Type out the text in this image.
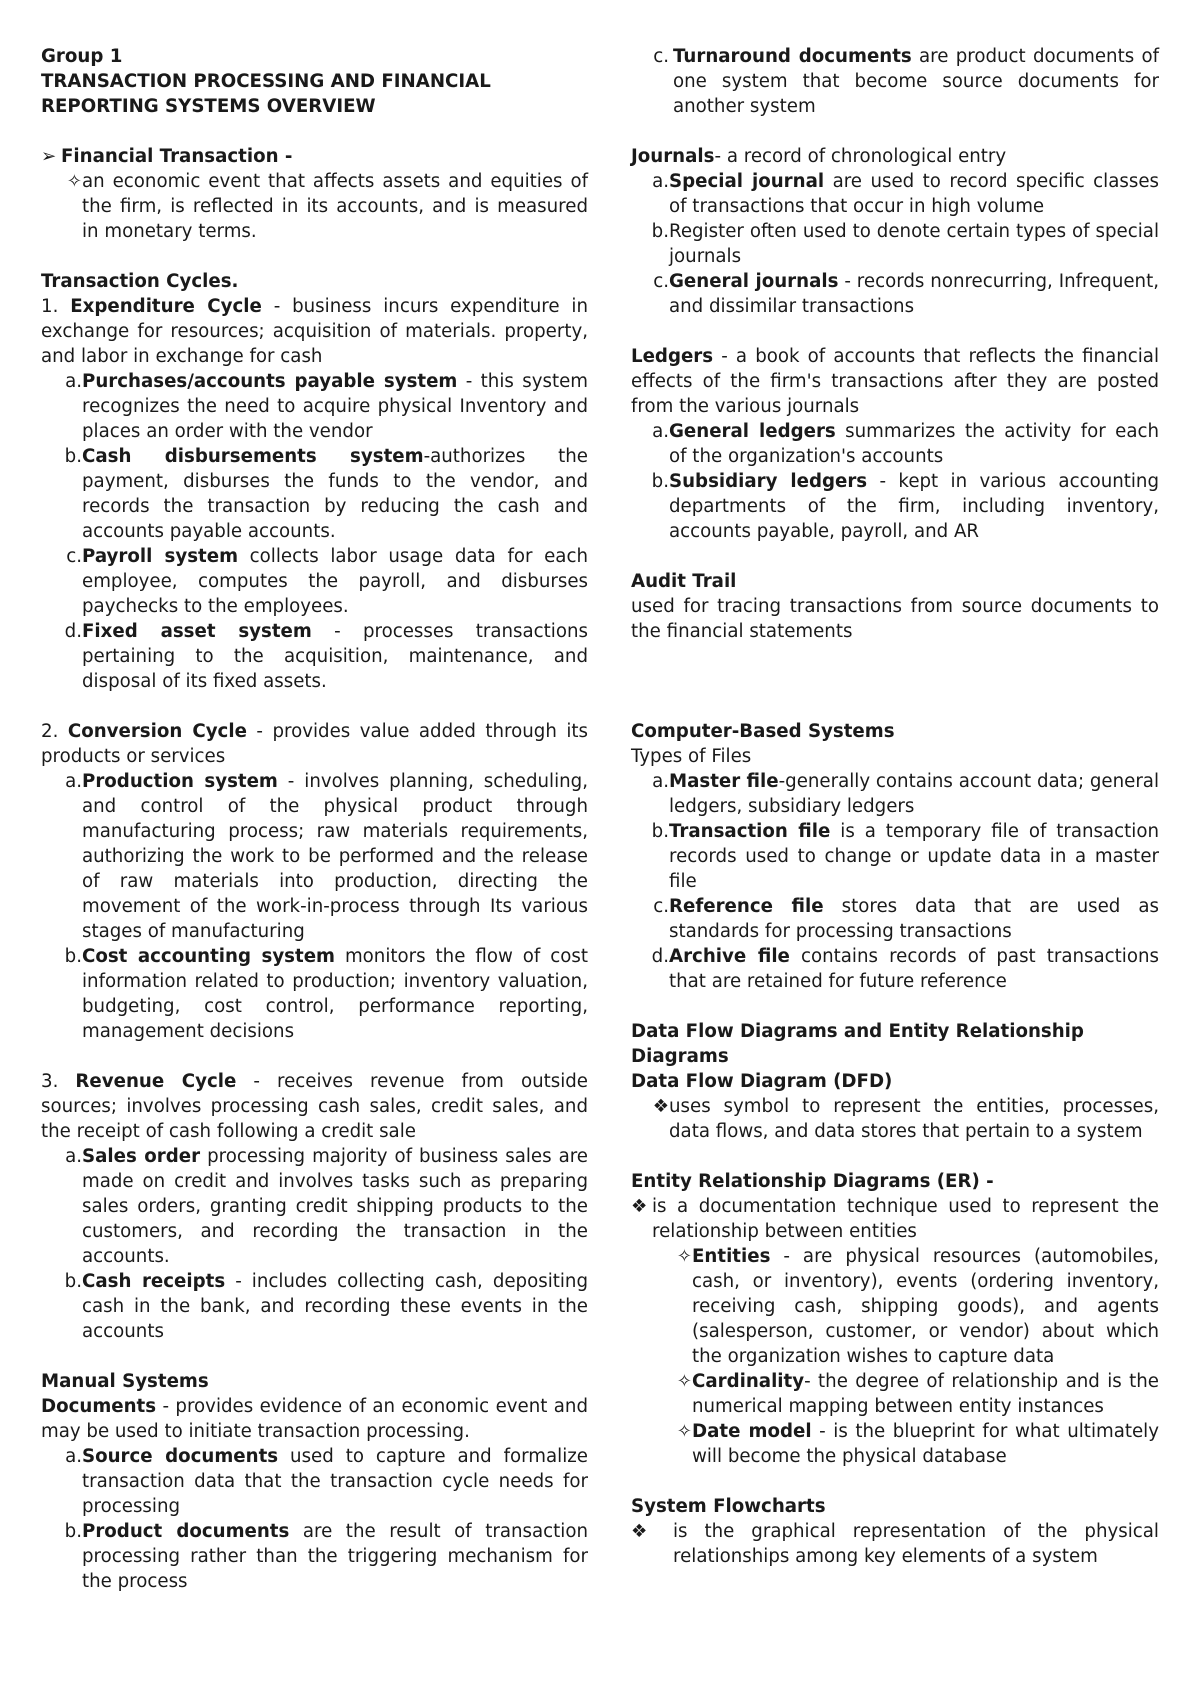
Group 1

TRANSACTION PROCESSING AND FINANCIAL REPORTING SYSTEMS OVERVIEW

➢ Financial Transaction -
✧ an economic event that affects assets and equities of the firm, is reflected in its accounts, and is measured in monetary terms.

Transaction Cycles.

1. Expenditure Cycle - business incurs expenditure in exchange for resources; acquisition of materials. property, and labor in exchange for cash

a. Purchases/accounts payable system - this system recognizes the need to acquire physical Inventory and places an order with the vendor
b. Cash disbursements system-authorizes the payment, disburses the funds to the vendor, and records the transaction by reducing the cash and accounts payable accounts.
c. Payroll system collects labor usage data for each employee, computes the payroll, and disburses paychecks to the employees.
d. Fixed asset system - processes transactions pertaining to the acquisition, maintenance, and disposal of its fixed assets.

2. Conversion Cycle - provides value added through its products or services

a. Production system - involves planning, scheduling, and control of the physical product through manufacturing process; raw materials requirements, authorizing the work to be performed and the release of raw materials into production, directing the movement of the work-in-process through Its various stages of manufacturing
b. Cost accounting system monitors the flow of cost information related to production; inventory valuation, budgeting, cost control, performance reporting, management decisions

3. Revenue Cycle - receives revenue from outside sources; involves processing cash sales, credit sales, and the receipt of cash following a credit sale

a. Sales order processing majority of business sales are made on credit and involves tasks such as preparing sales orders, granting credit shipping products to the customers, and recording the transaction in the accounts.
b. Cash receipts - includes collecting cash, depositing cash in the bank, and recording these events in the accounts

Manual Systems

Documents - provides evidence of an economic event and may be used to initiate transaction processing.

a. Source documents used to capture and formalize transaction data that the transaction cycle needs for processing
b. Product documents are the result of transaction processing rather than the triggering mechanism for the process
c. Turnaround documents are product documents of one system that become source documents for another system

Journals- a record of chronological entry

a. Special journal are used to record specific classes of transactions that occur in high volume
b. Register often used to denote certain types of special journals
c. General journals - records nonrecurring, Infrequent, and dissimilar transactions

Ledgers - a book of accounts that reflects the financial effects of the firm's transactions after they are posted from the various journals

a. General ledgers summarizes the activity for each of the organization's accounts
b. Subsidiary ledgers - kept in various accounting departments of the firm, including inventory, accounts payable, payroll, and AR

Audit Trail

used for tracing transactions from source documents to the financial statements

Computer-Based Systems

Types of Files

a. Master file-generally contains account data; general ledgers, subsidiary ledgers
b. Transaction file is a temporary file of transaction records used to change or update data in a master file
c. Reference file stores data that are used as standards for processing transactions
d. Archive file contains records of past transactions that are retained for future reference

Data Flow Diagrams and Entity Relationship Diagrams

Data Flow Diagram (DFD)

❖ uses symbol to represent the entities, processes, data flows, and data stores that pertain to a system

Entity Relationship Diagrams (ER) -

❖ is a documentation technique used to represent the relationship between entities
✧ Entities - are physical resources (automobiles, cash, or inventory), events (ordering inventory, receiving cash, shipping goods), and agents (salesperson, customer, or vendor) about which the organization wishes to capture data
✧ Cardinality- the degree of relationship and is the numerical mapping between entity instances
✧ Date model - is the blueprint for what ultimately will become the physical database

System Flowcharts

❖	is the graphical representation of the physical relationships among key elements of a system
